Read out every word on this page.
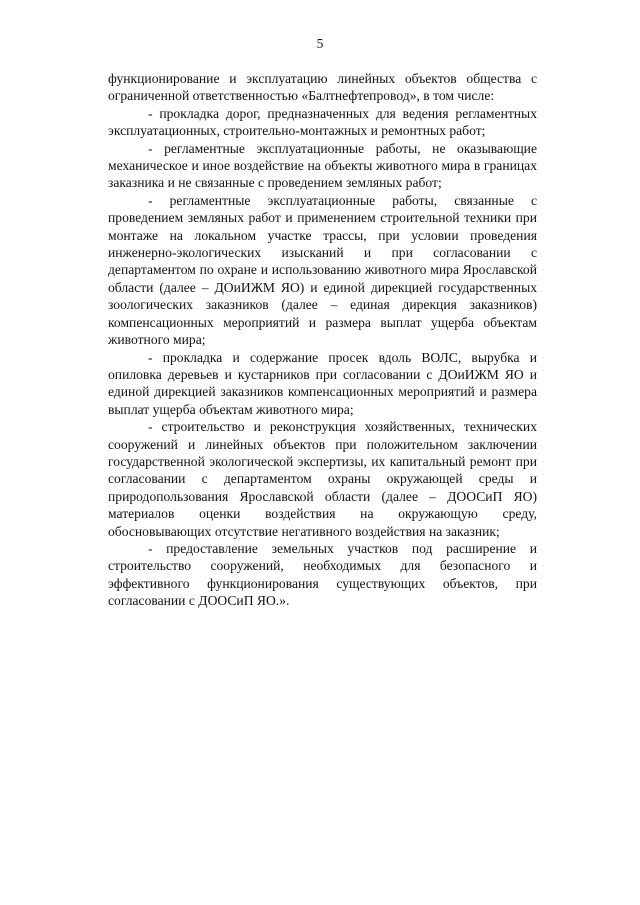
5

функционирование и эксплуатацию линейных объектов общества с ограниченной ответственностью «Балтнефтепровод», в том числе:

- прокладка дорог, предназначенных для ведения регламентных эксплуатационных, строительно-монтажных и ремонтных работ;

- регламентные эксплуатационные работы, не оказывающие механическое и иное воздействие на объекты животного мира в границах заказника и не связанные с проведением земляных работ;

- регламентные эксплуатационные работы, связанные с проведением земляных работ и применением строительной техники при монтаже на локальном участке трассы, при условии проведения инженерно-экологических изысканий и при согласовании с департаментом по охране и использованию животного мира Ярославской области (далее – ДОиИЖМ ЯО) и единой дирекцией государственных зоологических заказников (далее – единая дирекция заказников) компенсационных мероприятий и размера выплат ущерба объектам животного мира;

- прокладка и содержание просек вдоль ВОЛС, вырубка и опиловка деревьев и кустарников при согласовании с ДОиИЖМ ЯО и единой дирекцией заказников компенсационных мероприятий и размера выплат ущерба объектам животного мира;

- строительство и реконструкция хозяйственных, технических сооружений и линейных объектов при положительном заключении государственной экологической экспертизы, их капитальный ремонт при согласовании с департаментом охраны окружающей среды и природопользования Ярославской области (далее – ДООСиП ЯО) материалов оценки воздействия на окружающую среду, обосновывающих отсутствие негативного воздействия на заказник;

- предоставление земельных участков под расширение и строительство сооружений, необходимых для безопасного и эффективного функционирования существующих объектов, при согласовании с ДООСиП ЯО.».
